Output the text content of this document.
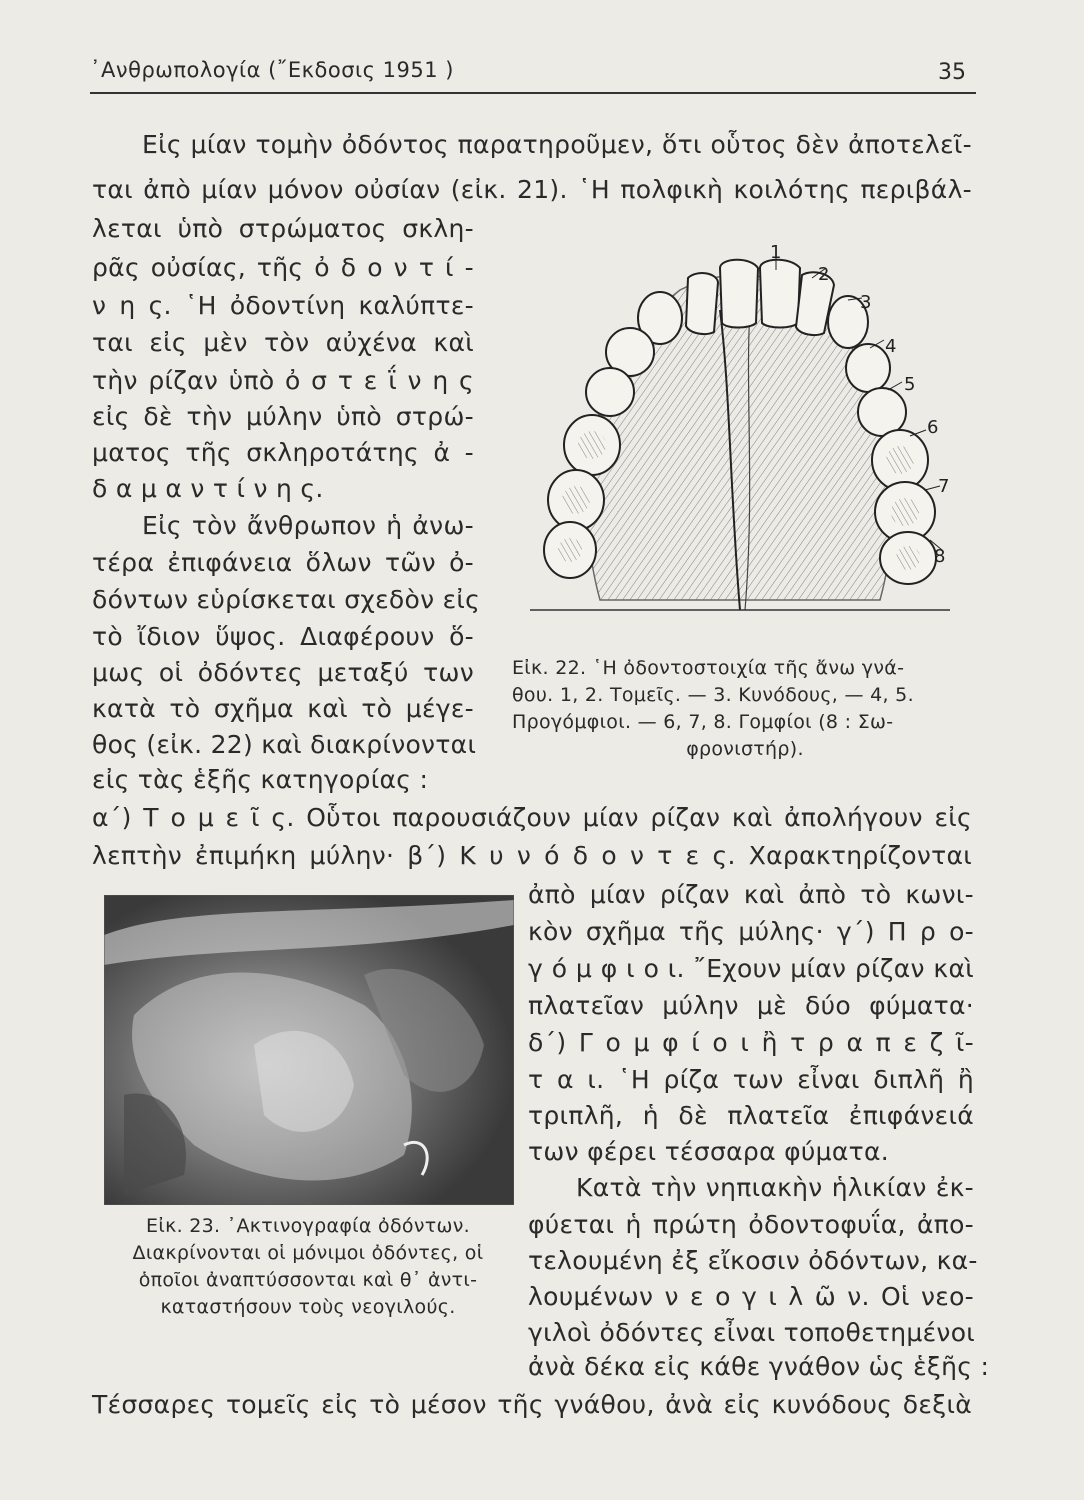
᾿Ανθρωπολογία (῎Εκδοσις 1951 )	35
Εἰς μίαν τομὴν ὀδόντος παρατηροῦμεν, ὅτι οὗτος δὲν ἀποτελεῖ-
ται ἀπὸ μίαν μόνον οὐσίαν (εἰκ. 21). ῾Η πολφικὴ κοιλότης περιβάλ-
λεται ὑπὸ στρώματος σκλη-
ρᾶς οὐσίας, τῆς ὀ δ ο ν τ ί -
ν η ς. ῾Η ὀδοντίνη καλύπτε-
ται εἰς μὲν τὸν αὐχένα καὶ
τὴν ρίζαν ὑπὸ ὀ σ τ ε ΐ ν η ς
εἰς δὲ τὴν μύλην ὑπὸ στρώ-
ματος τῆς σκληροτάτης ἀ -
δ α μ α ν τ ί ν η ς.
Εἰς τὸν ἄνθρωπον ἡ ἀνω-
τέρα ἐπιφάνεια ὅλων τῶν ὀ-
δόντων εὑρίσκεται σχεδὸν εἰς
τὸ ἴδιον ὕψος. Διαφέρουν ὅ-
μως οἱ ὀδόντες μεταξύ των
κατὰ τὸ σχῆμα καὶ τὸ μέγε-
θος (εἰκ. 22) καὶ διακρίνονται
εἰς τὰς ἑξῆς κατηγορίας :
α΄) Τ ο μ ε ῖ ς. Οὗτοι παρουσιάζουν μίαν ρίζαν καὶ ἀπολήγουν εἰς
λεπτὴν ἐπιμήκη μύλην· β΄) Κ υ ν ό δ ο ν τ ε ς. Χαρακτηρίζονται
ἀπὸ μίαν ρίζαν καὶ ἀπὸ τὸ κωνι-
κὸν σχῆμα τῆς μύλης· γ΄) Π ρ ο-
γ ό μ φ ι ο ι. ῎Εχουν μίαν ρίζαν καὶ
πλατεῖαν μύλην μὲ δύο φύματα·
δ΄) Γ ο μ φ ί ο ι ἢ τ ρ α π ε ζ ῖ-
τ α ι. ῾Η ρίζα των εἶναι διπλῆ ἢ
τριπλῆ, ἡ δὲ πλατεῖα ἐπιφάνειά
των φέρει τέσσαρα φύματα.
Κατὰ τὴν νηπιακὴν ἡλικίαν ἐκ-
φύεται ἡ πρώτη ὀδοντοφυΐα, ἀπο-
τελουμένη ἐξ εἴκοσιν ὀδόντων, κα-
λουμένων ν ε ο γ ι λ ῶ ν. Οἱ νεο-
γιλοὶ ὀδόντες εἶναι τοποθετημένοι
ἀνὰ δέκα εἰς κάθε γνάθον ὡς ἑξῆς :
Τέσσαρες τομεῖς εἰς τὸ μέσον τῆς γνάθου, ἀνὰ εἰς κυνόδους δεξιὰ
1
2
3
4
5
6
7
8
Εἰκ. 22. ῾Η ὀδοντοστοιχία τῆς ἄνω γνά-
θου. 1, 2. Τομεῖς. — 3. Κυνόδους, — 4, 5.
Προγόμφιοι. — 6, 7, 8. Γομφίοι (8 : Σω-
φρονιστήρ).
Εἰκ. 23. ᾿Ακτινογραφία ὀδόντων.
Διακρίνονται οἱ μόνιμοι ὀδόντες, οἱ
ὁποῖοι ἀναπτύσσονται καὶ θ᾿ ἀντι-
καταστήσουν τοὺς νεογιλούς.
